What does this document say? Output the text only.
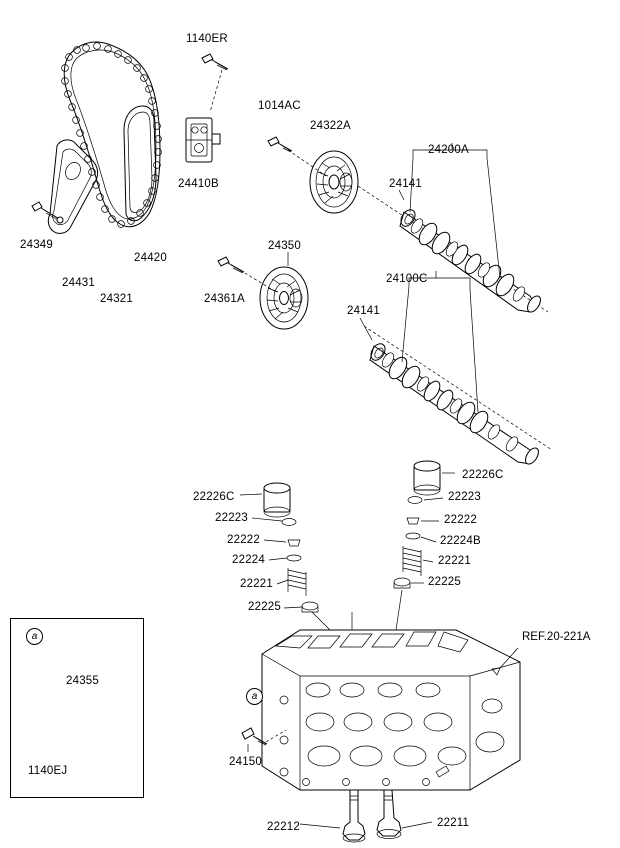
a
a
1140ER
1014AC
24322A
24200A
24141
24410B
24349	24350
24420
24431
24361A
24321
24100C
24141
22226C
22223
22226C
22222
22223
22224B
22222
22221
22224
22225
22221
22225
24355
24150
1140EJ
22212	22211
REF.20-221A
